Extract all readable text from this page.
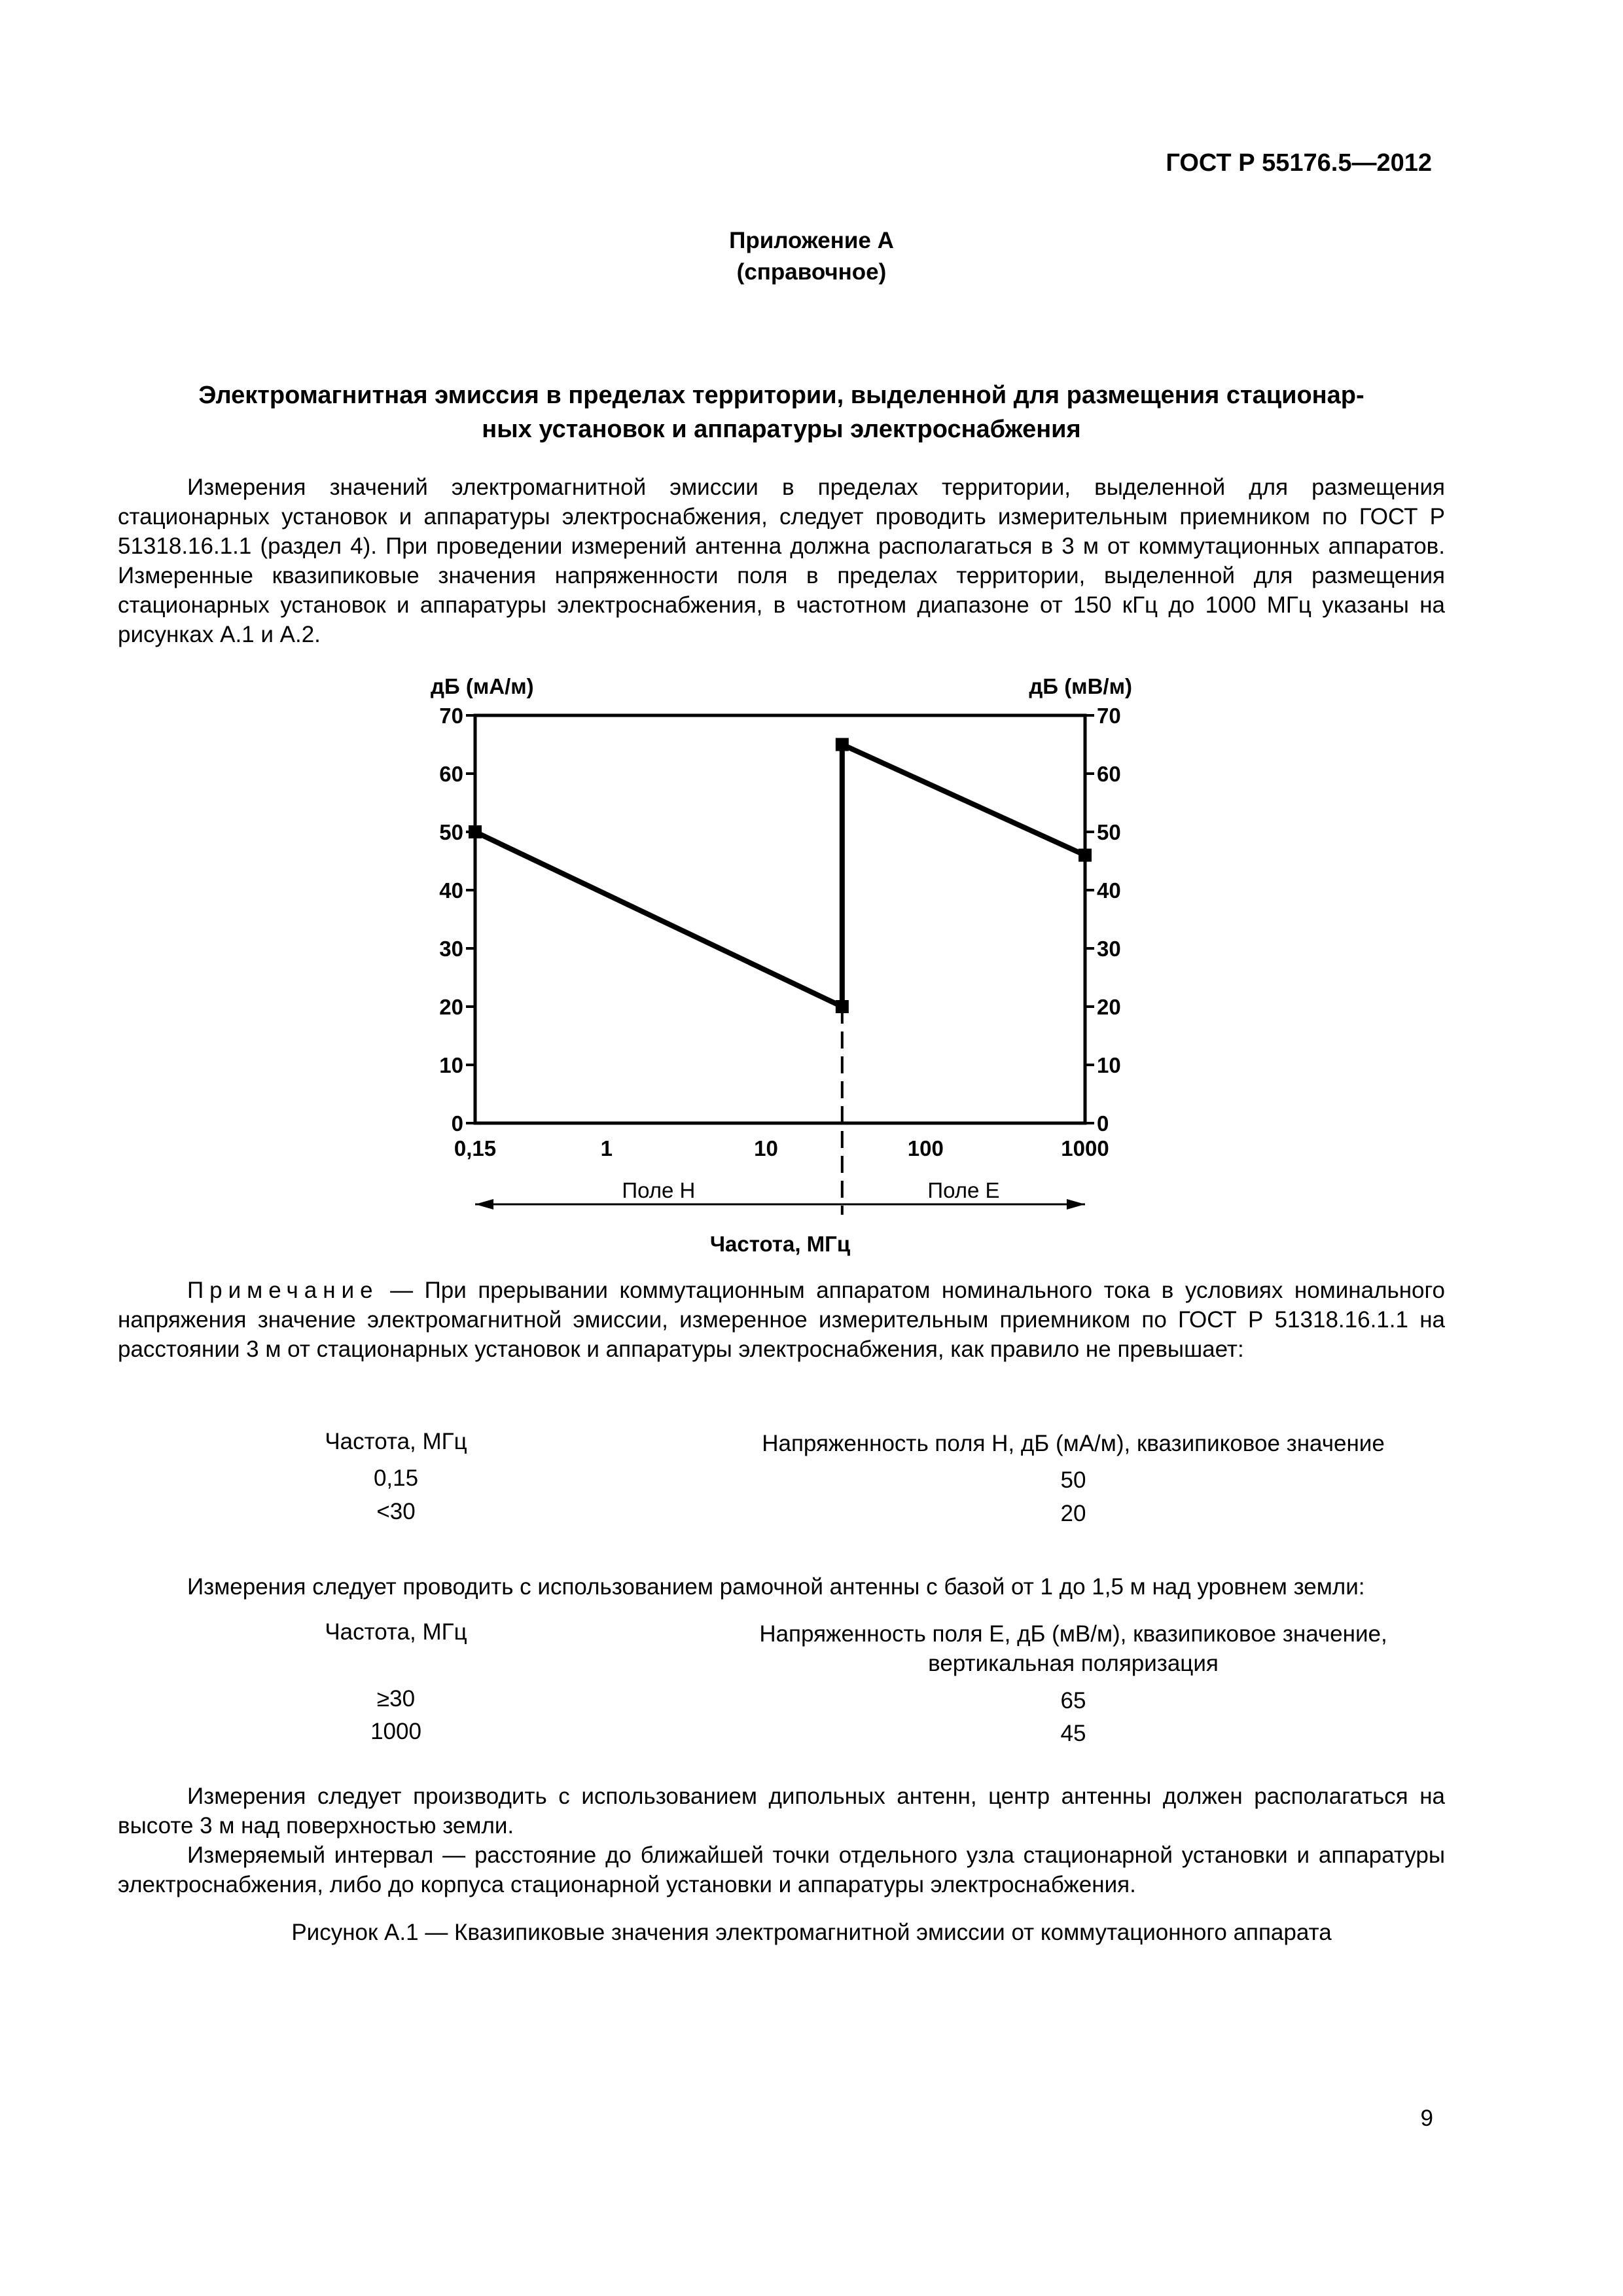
ГОСТ Р 55176.5—2012
Приложение А
(справочное)
Электромагнитная эмиссия в пределах территории, выделенной для размещения стационар-
ных установок и аппаратуры электроснабжения
Измерения значений электромагнитной эмиссии в пределах территории, выделенной для размещения стационарных установок и аппаратуры электроснабжения, следует проводить измерительным приемником по ГОСТ Р 51318.16.1.1 (раздел 4). При проведении измерений антенна должна располагаться в 3 м от коммутационных аппаратов. Измеренные квазипиковые значения напряженности поля в пределах территории, выделенной для размещения стационарных установок и аппаратуры электроснабжения, в частотном диапазоне от 150 кГц до 1000 МГц указаны на рисунках А.1 и А.2.
дБ (мА/м)	дБ (мВ/м)
0	0
10	10
20	20
30	30
40	40
50	50
60	60
70	70
0,15	1	10	100	1000
Поле Н	Поле Е
Частота, МГц
Примечание — При прерывании коммутационным аппаратом номинального тока в условиях номинального напряжения значение электромагнитной эмиссии, измеренное измерительным приемником по ГОСТ Р 51318.16.1.1 на расстоянии 3 м от стационарных установок и аппаратуры электроснабжения, как правило не превышает:
Частота, МГц	Напряженность поля Н, дБ (мА/м), квазипиковое значение
0,15	50
<30	20
Измерения следует проводить с использованием рамочной антенны с базой от 1 до 1,5 м над уровнем земли:
Частота, МГц	Напряженность поля Е, дБ (мВ/м), квазипиковое значение,
вертикальная поляризация
≥30	65
1000	45
Измерения следует производить с использованием дипольных антенн, центр антенны должен располагаться на высоте 3 м над поверхностью земли.
Измеряемый интервал — расстояние до ближайшей точки отдельного узла стационарной установки и аппаратуры электроснабжения, либо до корпуса стационарной установки и аппаратуры электроснабжения.
Рисунок А.1 — Квазипиковые значения электромагнитной эмиссии от коммутационного аппарата
9
